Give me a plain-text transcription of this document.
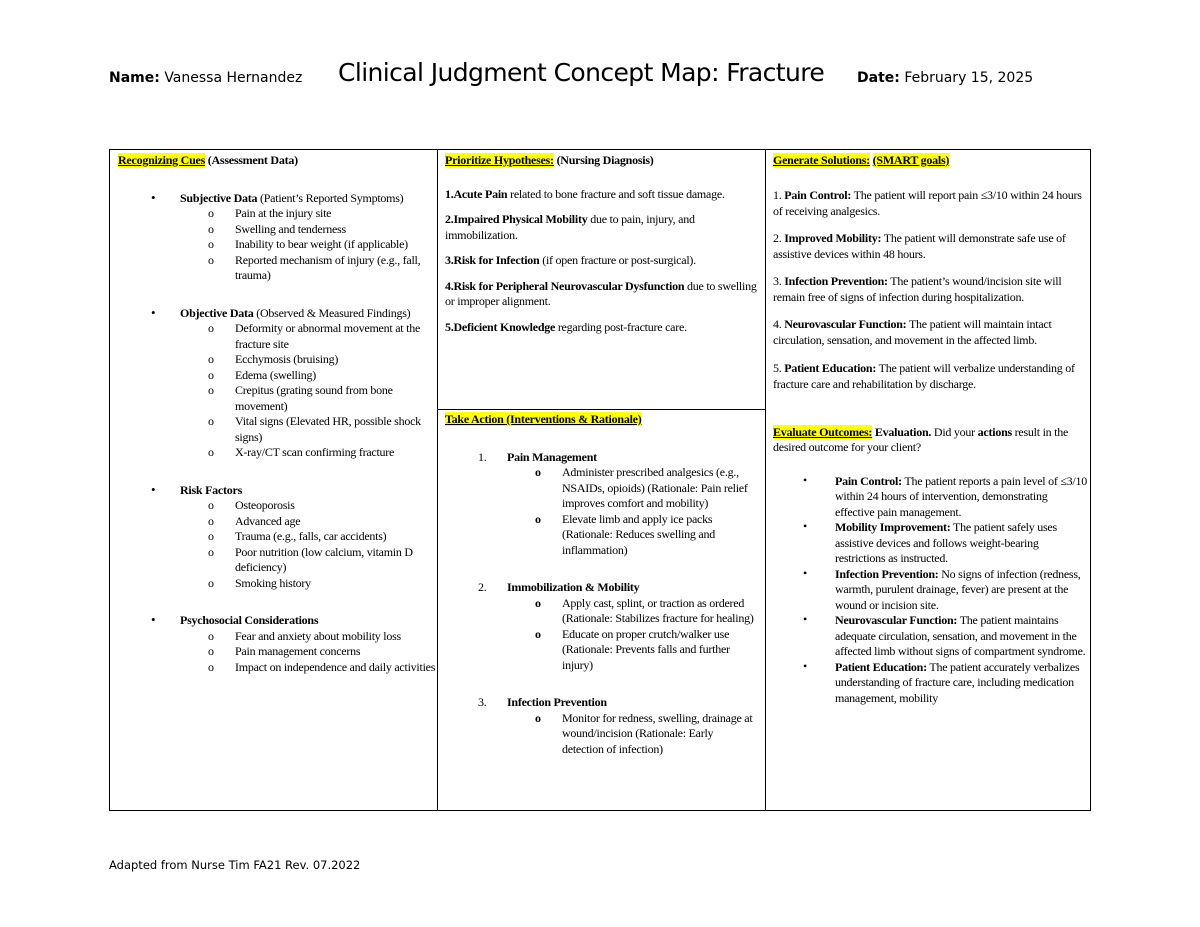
Name: Vanessa Hernandez Clinical Judgment Concept Map: Fracture Date: February 15, 2025

Recognizing Cues (Assessment Data)

• Subjective Data (Patient’s Reported Symptoms)
o Pain at the injury site
o Swelling and tenderness
o Inability to bear weight (if applicable)
o Reported mechanism of injury (e.g., fall, trauma)
• Objective Data (Observed & Measured Findings)
o Deformity or abnormal movement at the fracture site
o Ecchymosis (bruising)
o Edema (swelling)
o Crepitus (grating sound from bone movement)
o Vital signs (Elevated HR, possible shock signs)
o X-ray/CT scan confirming fracture
• Risk Factors
o Osteoporosis
o Advanced age
o Trauma (e.g., falls, car accidents)
o Poor nutrition (low calcium, vitamin D deficiency)
o Smoking history
• Psychosocial Considerations
o Fear and anxiety about mobility loss
o Pain management concerns
o Impact on independence and daily activities

Prioritize Hypotheses: (Nursing Diagnosis)

1.Acute Pain related to bone fracture and soft tissue damage.

2.Impaired Physical Mobility due to pain, injury, and immobilization.

3.Risk for Infection (if open fracture or post-surgical).

4.Risk for Peripheral Neurovascular Dysfunction due to swelling or improper alignment.

5.Deficient Knowledge regarding post-fracture care.

Take Action (Interventions & Rationale)

1. Pain Management
o Administer prescribed analgesics (e.g., NSAIDs, opioids) (Rationale: Pain relief improves comfort and mobility)
o Elevate limb and apply ice packs (Rationale: Reduces swelling and inflammation)
2. Immobilization & Mobility
o Apply cast, splint, or traction as ordered (Rationale: Stabilizes fracture for healing)
o Educate on proper crutch/walker use (Rationale: Prevents falls and further injury)
3. Infection Prevention
o Monitor for redness, swelling, drainage at wound/incision (Rationale: Early detection of infection)

Generate Solutions: (SMART goals)

1. Pain Control: The patient will report pain ≤3/10 within 24 hours of receiving analgesics.

2. Improved Mobility: The patient will demonstrate safe use of assistive devices within 48 hours.

3. Infection Prevention: The patient’s wound/incision site will remain free of signs of infection during hospitalization.

4. Neurovascular Function: The patient will maintain intact circulation, sensation, and movement in the affected limb.

5. Patient Education: The patient will verbalize understanding of fracture care and rehabilitation by discharge.

Evaluate Outcomes: Evaluation. Did your actions result in the desired outcome for your client?

• Pain Control: The patient reports a pain level of ≤3/10 within 24 hours of intervention, demonstrating effective pain management.
• Mobility Improvement: The patient safely uses assistive devices and follows weight-bearing restrictions as instructed.
• Infection Prevention: No signs of infection (redness, warmth, purulent drainage, fever) are present at the wound or incision site.
• Neurovascular Function: The patient maintains adequate circulation, sensation, and movement in the affected limb without signs of compartment syndrome.
• Patient Education: The patient accurately verbalizes understanding of fracture care, including medication management, mobility
Adapted from Nurse Tim FA21 Rev. 07.2022
